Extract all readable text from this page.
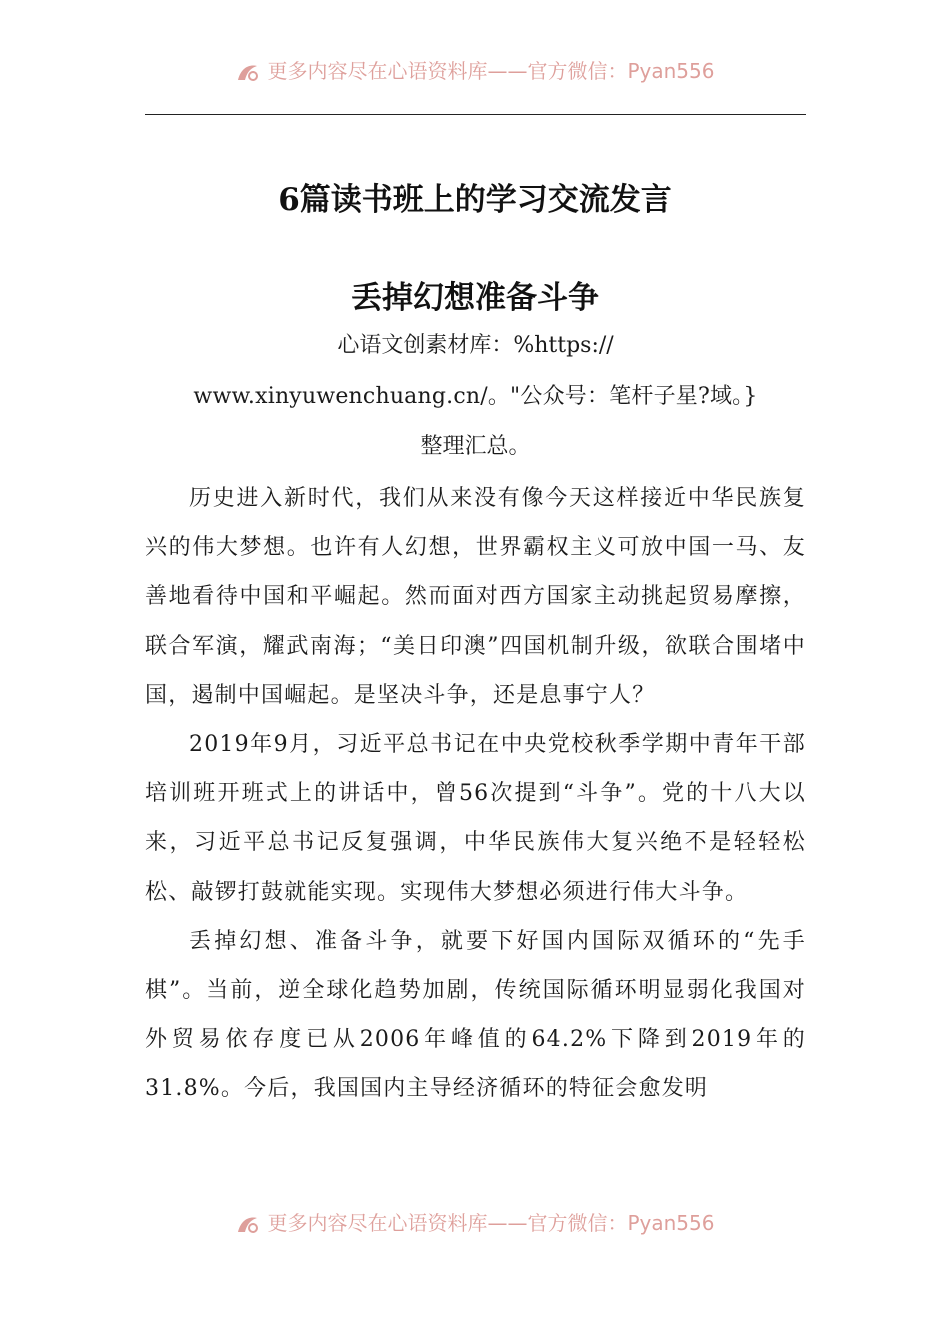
更多内容尽在心语资料库——官方微信：Pyan556
6篇读书班上的学习交流发言
丢掉幻想准备斗争

心语文创素材库：%https://

www.xinyuwenchuang.cn/。"公众号：笔杆子星?域。}

整理汇总。

历史进入新时代，我们从来没有像今天这样接近中华民族复兴的伟大梦想。也许有人幻想，世界霸权主义可放中国一马、友善地看待中国和平崛起。然而面对西方国家主动挑起贸易摩擦，联合军演，耀武南海；“美日印澳”四国机制升级，欲联合围堵中国，遏制中国崛起。是坚决斗争，还是息事宁人？

2019年9月，习近平总书记在中央党校秋季学期中青年干部培训班开班式上的讲话中，曾56次提到“斗争”。党的十八大以来，习近平总书记反复强调，中华民族伟大复兴绝不是轻轻松松、敲锣打鼓就能实现。实现伟大梦想必须进行伟大斗争。

丢掉幻想、准备斗争，就要下好国内国际双循环的“先手棋”。当前，逆全球化趋势加剧，传统国际循环明显弱化我国对外贸易依存度已从2006年峰值的64.2%下降到2019年的31.8%。今后，我国国内主导经济循环的特征会愈发明

更多内容尽在心语资料库——官方微信：Pyan556
